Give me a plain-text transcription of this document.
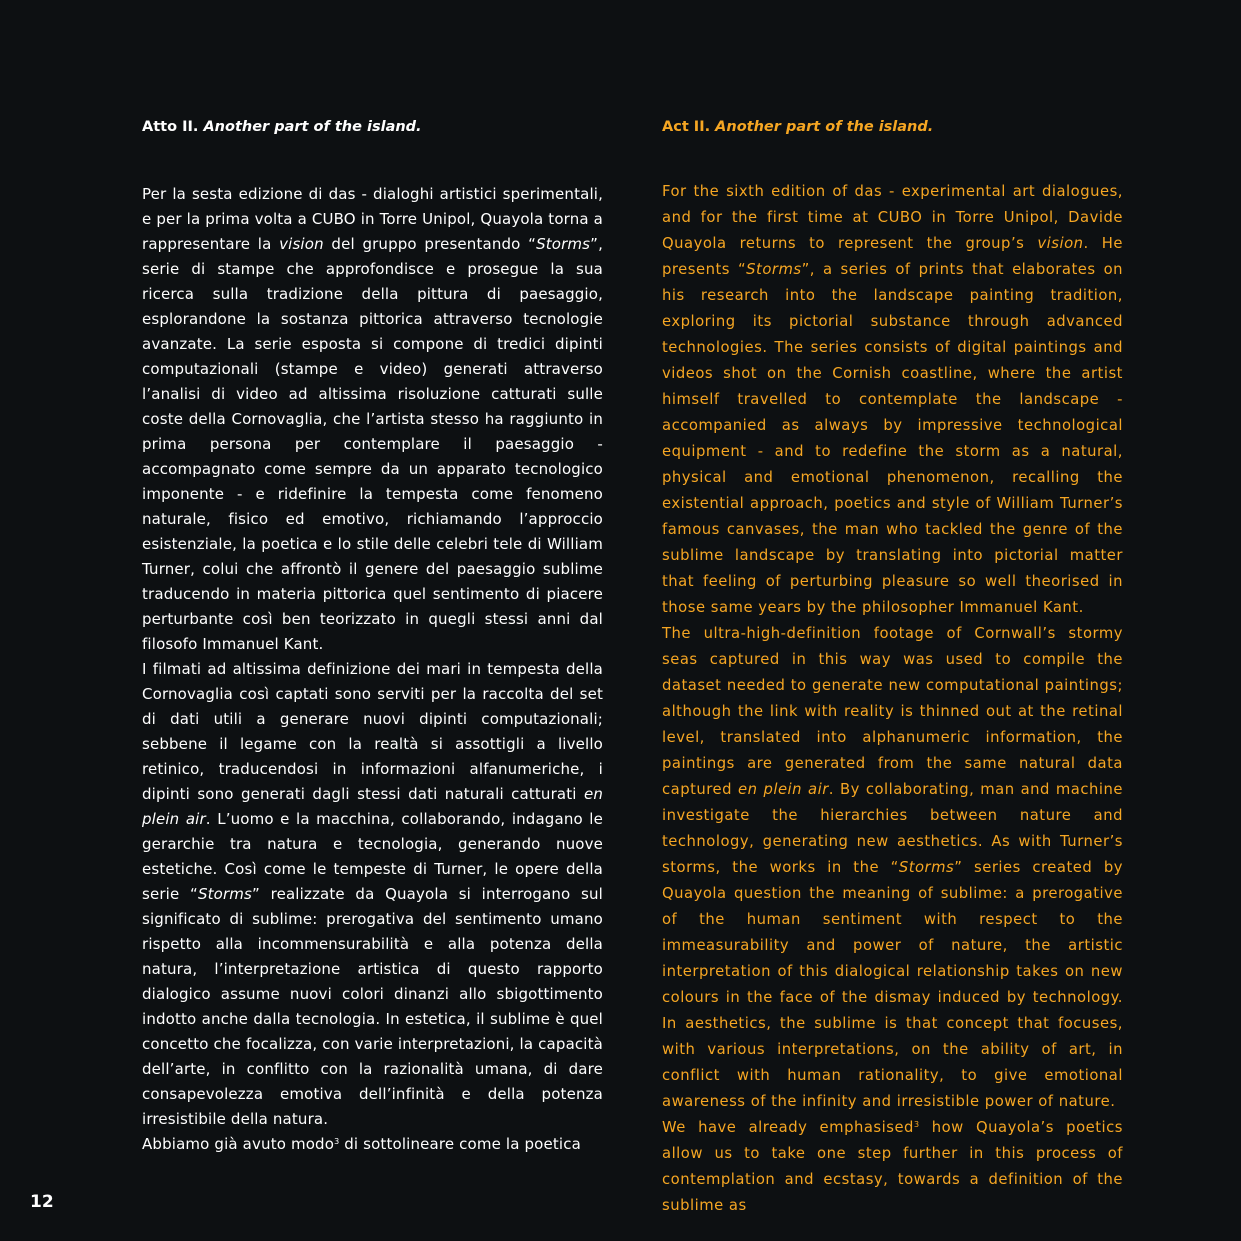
Atto II. Another part of the island.

Per la sesta edizione di das - dialoghi artistici sperimentali, e per la prima volta a CUBO in Torre Unipol, Quayola torna a rappresentare la vision del gruppo presentando “Storms”, serie di stampe che approfondisce e prosegue la sua ricerca sulla tradizione della pittura di paesaggio, esplorandone la sostanza pittorica attraverso tecnologie avanzate. La serie esposta si compone di tredici dipinti computazionali (stampe e video) generati attraverso l’analisi di video ad altissima risoluzione catturati sulle coste della Cornovaglia, che l’artista stesso ha raggiunto in prima persona per contemplare il paesaggio - accompagnato come sempre da un apparato tecnologico imponente - e ridefinire la tempesta come fenomeno naturale, fisico ed emotivo, richiamando l’approccio esistenziale, la poetica e lo stile delle celebri tele di William Turner, colui che affrontò il genere del paesaggio sublime traducendo in materia pittorica quel sentimento di piacere perturbante così ben teorizzato in quegli stessi anni dal filosofo Immanuel Kant.

I filmati ad altissima definizione dei mari in tempesta della Cornovaglia così captati sono serviti per la raccolta del set di dati utili a generare nuovi dipinti computazionali; sebbene il legame con la realtà si assottigli a livello retinico, traducendosi in informazioni alfanumeriche, i dipinti sono generati dagli stessi dati naturali catturati en plein air. L’uomo e la macchina, collaborando, indagano le gerarchie tra natura e tecnologia, generando nuove estetiche. Così come le tempeste di Turner, le opere della serie “Storms” realizzate da Quayola si interrogano sul significato di sublime: prerogativa del sentimento umano rispetto alla incommensurabilità e alla potenza della natura, l’interpretazione artistica di questo rapporto dialogico assume nuovi colori dinanzi allo sbigottimento indotto anche dalla tecnologia. In estetica, il sublime è quel concetto che focalizza, con varie interpretazioni, la capacità dell’arte, in conflitto con la razionalità umana, di dare consapevolezza emotiva dell’infinità e della potenza irresistibile della natura.

Abbiamo già avuto modo$^3$ di sottolineare come la poetica

Act II. Another part of the island.

For the sixth edition of das - experimental art dialogues, and for the first time at CUBO in Torre Unipol, Davide Quayola returns to represent the group’s vision. He presents “Storms”, a series of prints that elaborates on his research into the landscape painting tradition, exploring its pictorial substance through advanced technologies. The series consists of digital paintings and videos shot on the Cornish coastline, where the artist himself travelled to contemplate the landscape - accompanied as always by impressive technological equipment - and to redefine the storm as a natural, physical and emotional phenomenon, recalling the existential approach, poetics and style of William Turner’s famous canvases, the man who tackled the genre of the sublime landscape by translating into pictorial matter that feeling of perturbing pleasure so well theorised in those same years by the philosopher Immanuel Kant.

The ultra-high-definition footage of Cornwall’s stormy seas captured in this way was used to compile the dataset needed to generate new computational paintings; although the link with reality is thinned out at the retinal level, translated into alphanumeric information, the paintings are generated from the same natural data captured en plein air. By collaborating, man and machine investigate the hierarchies between nature and technology, generating new aesthetics. As with Turner’s storms, the works in the “Storms” series created by Quayola question the meaning of sublime: a prerogative of the human sentiment with respect to the immeasurability and power of nature, the artistic interpretation of this dialogical relationship takes on new colours in the face of the dismay induced by technology. In aesthetics, the sublime is that concept that focuses, with various interpretations, on the ability of art, in conflict with human rationality, to give emotional awareness of the infinity and irresistible power of nature.

We have already emphasised$^3$ how Quayola’s poetics allow us to take one step further in this process of contemplation and ecstasy, towards a definition of the sublime as

12
